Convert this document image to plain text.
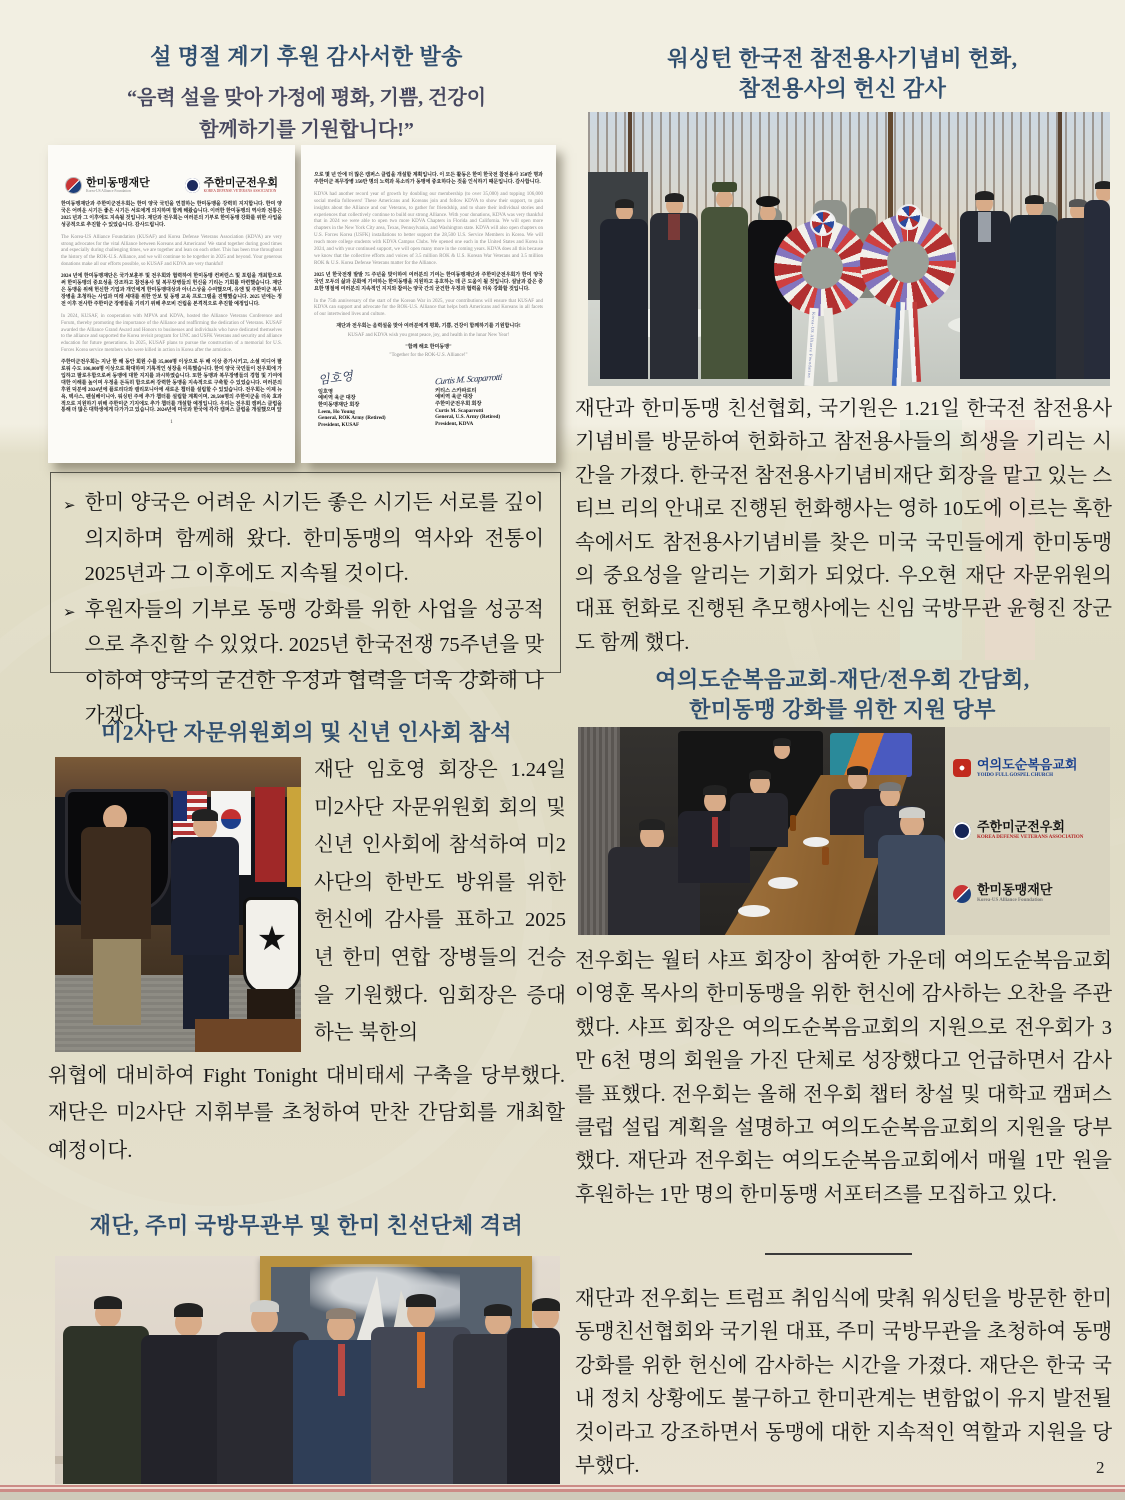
설 명절 계기 후원 감사서한 발송
“음력 설을 맞아 가정에 평화, 기쁨, 건강이
함께하기를 기원합니다!”
한미동맹재단
Korea-US Alliance Foundation
주한미군전우회
KOREA DEFENSE VETERANS ASSOCIATION

한미동맹재단과 주한미군전우회는 한미 양국 국민을 연결하는 한미동맹을 강력히 지지합니다. 한미 양국은 어려운 시기든 좋은 시기든 서로에게 의지하며 함께 해왔습니다. 이러한 한미동맹의 역사와 전통은 2025 년과 그 이후에도 지속될 것입니다. 재단과 전우회는 여러분의 기부로 한미동맹 강화를 위한 사업을 성공적으로 추진할 수 있었습니다. 감사드립니다.

The Korea-US Alliance Foundation (KUSAF) and Korea Defense Veterans Association (KDVA) are very strong advocates for the vital Alliance between Koreans and Americans! We stand together during good times and especially during challenging times, we are together and lean on each other. This has been true throughout the history of the ROK-U.S. Alliance, and we will continue to be together in 2025 and beyond. Your generous donations make all our efforts possible, so KUSAF and KDVA are very thankful!

2024 년에 한미동맹재단은 국가보훈부 및 전우회와 협력하여 한미동맹 컨퍼런스 및 포럼을 개최함으로써 한미동맹의 중요성을 강조하고 참전용사 및 복무장병들의 헌신을 기리는 기회를 마련했습니다. 재단은 동맹을 위해 헌신한 기업과 개인에게 한미동맹대상과 아너스상을 수여했으며, 유엔 및 주한미군 복무장병을 초청하는 사업과 미래 세대를 위한 안보 및 동맹 교육 프로그램을 진행했습니다. 2025 년에는 정전 이후 전사한 주한미군 장병들을 기리기 위해 추모비 건립을 본격적으로 추진할 예정입니다.

In 2024, KUSAF, in cooperation with MPVA and KDVA, hosted the Alliance Veterans Conference and Forum, thereby promoting the importance of the Alliance and reaffirming the dedication of Veterans. KUSAF awarded the Alliance Grand Award and Honors to businesses and individuals who have dedicated themselves to the alliance and supported the Korea revisit program for UNC and USFK Veterans and security and alliance education for future generations. In 2025, KUSAF plans to pursue the construction of a memorial for U.S. Forces Korea service members who were killed in action in Korea after the armistice.

주한미군전우회는 지난 한 해 동안 회원 수를 35,000명 이상으로 두 배 이상 증가시키고, 소셜 미디어 팔로워 수도 106,000명 이상으로 확대하며 기록적인 성장을 이룩했습니다. 한미 양국 국민들이 전우회에 가입하고 팔로우함으로써 동맹에 대한 지지를 과시하였습니다. 또한 동맹과 복무장병들의 경험 및 기여에 대한 이해를 높이며 우정을 돈독히 함으로써 강력한 동맹을 지속적으로 구축할 수 있었습니다. 여러분의 후원 덕분에 2024년에 플로리다와 캘리포니아에 새로운 챕터를 설립할 수 있었습니다. 전우회는 이제 뉴욕, 텍사스, 펜실베이니아, 워싱턴 주에 추가 챕터를 설립할 계획이며, 28,500명의 주한미군을 더욱 효과적으로 지원하기 위해 주한미군 기지에도 추가 챕터를 개설할 예정입니다. 우리는 전우회 캠퍼스 클럽을 통해 더 많은 대학생에게 다가가고 있습니다. 2024년에 미국과 한국에 각각 캠퍼스 클럽을 개설했으며 앞

1

으로 몇 년 안에 더 많은 캠퍼스 클럽을 개설할 계획입니다. 이 모든 활동은 한미 한국전 참전용사 350만 명과 주한미군 복무장병 350만 명의 노력과 목소리가 동맹에 중요하다는 것을 인식하기 때문입니다. 감사합니다.

KDVA had another record year of growth by doubling our membership (to over 35,000) and topping 106,000 social media followers! These Americans and Koreans join and follow KDVA to show their support, to gain insights about the Alliance and our Veterans, to gather for friendship, and to share their individual stories and experiences that collectively continue to build our strong Alliance. With your donations, KDVA was very thankful that in 2024 we were able to open two more KDVA Chapters in Florida and California. We will open more chapters in the New York City area, Texas, Pennsylvania, and Washington state. KDVA will also open chapters on U.S. Forces Korea (USFK) installations to better support the 28,500 U.S. Service Members in Korea. We will reach more college students with KDVA Campus Clubs. We opened one each in the United States and Korea in 2024, and with your continued support, we will open many more in the coming years. KDVA does all this because we know that the collective efforts and voices of 3.5 million ROK & U.S. Korean War Veterans and 3.5 million ROK & U.S. Korea Defense Veterans matter for the Alliance.

2025 년 한국전쟁 발발 75 주년을 맞이하여 여러분의 기여는 한미동맹재단과 주한미군전우회가 한미 양국 국민 모두의 삶과 문화에 기여하는 한미동맹을 지원하고 옹호하는 데 큰 도움이 될 것입니다. 설날과 같은 중요한 명절에 여러분의 지속적인 지지와 참여는 양국 간의 굳건한 우정과 협력을 더욱 강화할 것입니다.

In the 75th anniversary of the start of the Korean War in 2025, your contributions will ensure that KUSAF and KDVA can support and advocate for the ROK-U.S. Alliance that helps both Americans and Koreans in all facets of our intertwined lives and culture.

재단과 전우회는 음력설을 맞아 여러분에게 평화, 기쁨, 건강이 함께하기를 기원합니다!

KUSAF and KDVA wish you great peace, joy, and health in the lunar New Year!

"함께 해요 한미동맹"

"Together for the ROK-U.S. Alliance!"

임호영
임호영
예비역 육군 대장
한미동맹재단 회장
Leem, Ho Young
General, ROK Army (Retired)
President, KUSAF
Curtis M. Scaparrotti
커티스 스카파로티
예비역 육군 대장
주한미군전우회 회장
Curtis M. Scaparrotti
General, U.S. Army (Retired)
President, KDVA
➢ 한미 양국은 어려운 시기든 좋은 시기든 서로를 깊이 의지하며 함께해 왔다. 한미동맹의 역사와 전통이 2025년과 그 이후에도 지속될 것이다.
➢ 후원자들의 기부로 동맹 강화를 위한 사업을 성공적으로 추진할 수 있었다. 2025년 한국전쟁 75주년을 맞이하여 양국의 굳건한 우정과 협력을 더욱 강화해 나가겠다.
미2사단 자문위원회의 및 신년 인사회 참석
★
재단 임호영 회장은 1.24일 미2사단 자문위원회 회의 및 신년 인사회에 참석하여 미2사단의 한반도 방위를 위한 헌신에 감사를 표하고 2025년 한미 연합 장병들의 건승을 기원했다. 임회장은 증대하는 북한의
위협에 대비하여 Fight Tonight 대비태세 구축을 당부했다. 재단은 미2사단 지휘부를 초청하여 만찬 간담회를 개최할 예정이다.
재단, 주미 국방무관부 및 한미 친선단체 격려
워싱턴 한국전 참전용사기념비 헌화,
참전용사의 헌신 감사
Korea-US Alliance Foundation
재단과 한미동맹 친선협회, 국기원은 1.21일 한국전 참전용사기념비를 방문하여 헌화하고 참전용사들의 희생을 기리는 시간을 가졌다. 한국전 참전용사기념비재단 회장을 맡고 있는 스티브 리의 안내로 진행된 헌화행사는 영하 10도에 이르는 혹한 속에서도 참전용사기념비를 찾은 미국 국민들에게 한미동맹의 중요성을 알리는 기회가 되었다. 우오현 재단 자문위원의 대표 헌화로 진행된 추모행사에는 신임 국방무관 윤형진 장군도 함께 했다.
여의도순복음교회-재단/전우회 간담회,
한미동맹 강화를 위한 지원 당부
여의도순복음교회
YOIDO FULL GOSPEL CHURCH
주한미군전우회
KOREA DEFENSE VETERANS ASSOCIATION
한미동맹재단
Korea-US Alliance Foundation
전우회는 월터 샤프 회장이 참여한 가운데 여의도순복음교회 이영훈 목사의 한미동맹을 위한 헌신에 감사하는 오찬을 주관했다. 샤프 회장은 여의도순복음교회의 지원으로 전우회가 3만 6천 명의 회원을 가진 단체로 성장했다고 언급하면서 감사를 표했다. 전우회는 올해 전우회 챕터 창설 및 대학교 캠퍼스 클럽 설립 계획을 설명하고 여의도순복음교회의 지원을 당부했다. 재단과 전우회는 여의도순복음교회에서 매월 1만 원을 후원하는 1만 명의 한미동맹 서포터즈를 모집하고 있다.
재단과 전우회는 트럼프 취임식에 맞춰 워싱턴을 방문한 한미동맹친선협회와 국기원 대표, 주미 국방무관을 초청하여 동맹 강화를 위한 헌신에 감사하는 시간을 가졌다. 재단은 한국 국내 정치 상황에도 불구하고 한미관계는 변함없이 유지 발전될 것이라고 강조하면서 동맹에 대한 지속적인 역할과 지원을 당부했다.	2
